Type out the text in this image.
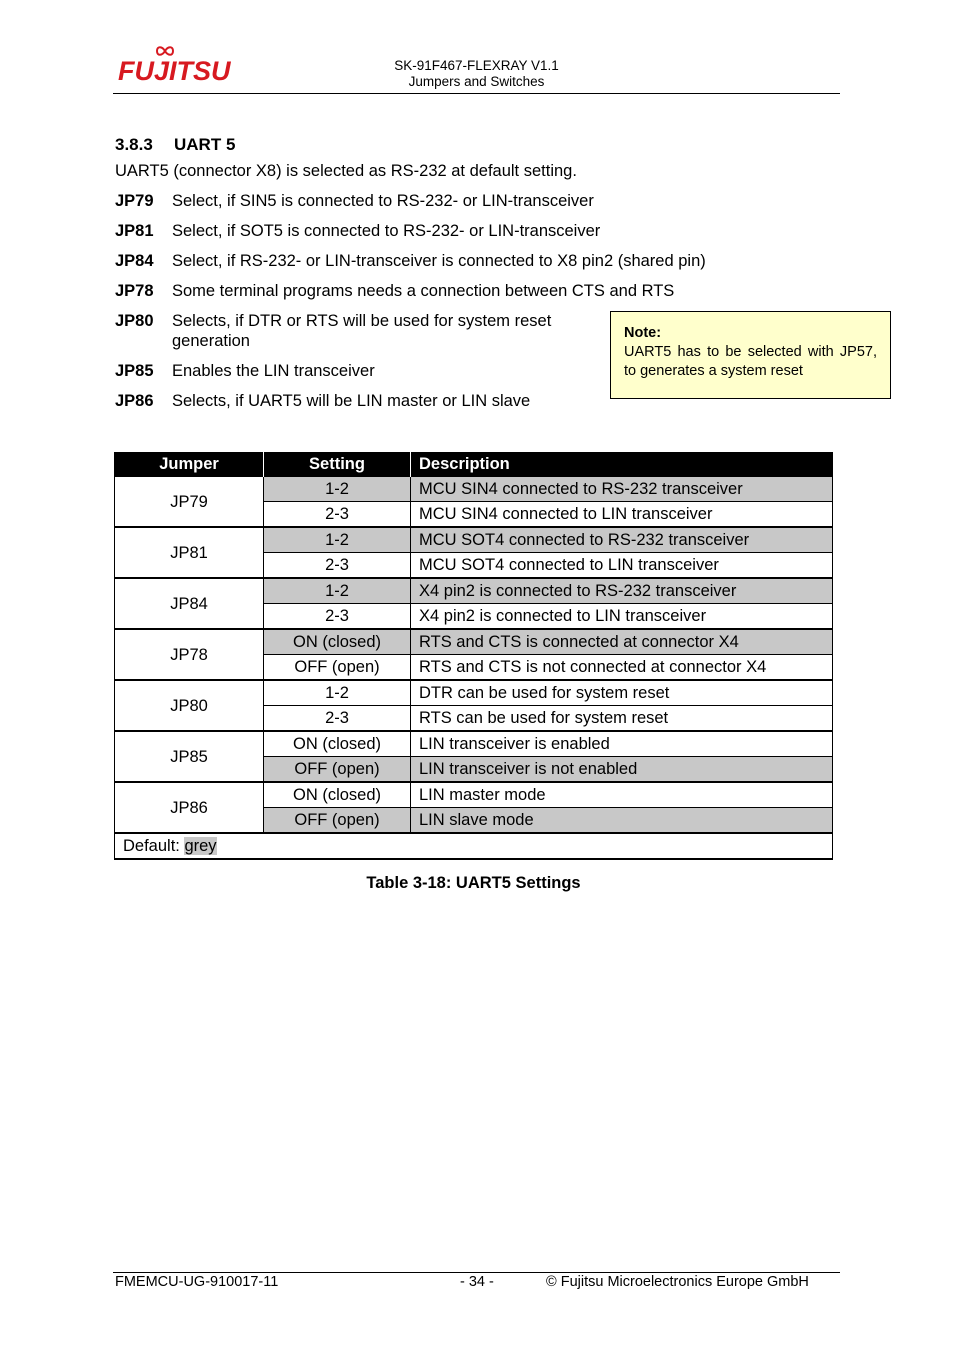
FUJITSU	SK-91F467-FLEXRAY V1.1
Jumpers and Switches
3.8.3 UART 5
UART5 (connector X8) is selected as RS-232 at default setting.
JP79 Select, if SIN5 is connected to RS-232- or LIN-transceiver
JP81 Select, if SOT5 is connected to RS-232- or LIN-transceiver
JP84 Select, if RS-232- or LIN-transceiver is connected to X8 pin2 (shared pin)
JP78 Some terminal programs needs a connection between CTS and RTS
JP80 Selects, if DTR or RTS will be used for system reset generation
JP85 Enables the LIN transceiver
JP86 Selects, if UART5 will be LIN master or LIN slave
Note:
UART5 has to be selected with JP57, to generates a system reset
Jumper	Setting	Description
JP79	1-2	MCU SIN4 connected to RS-232 transceiver
	2-3	MCU SIN4 connected to LIN transceiver
JP81	1-2	MCU SOT4 connected to RS-232 transceiver
	2-3	MCU SOT4 connected to LIN transceiver
JP84	1-2	X4 pin2 is connected to RS-232 transceiver
	2-3	X4 pin2 is connected to LIN transceiver
JP78	ON (closed)	RTS and CTS is connected at connector X4
	OFF (open)	RTS and CTS is not connected at connector X4
JP80	1-2	DTR can be used for system reset
	2-3	RTS can be used for system reset
JP85	ON (closed)	LIN transceiver is enabled
	OFF (open)	LIN transceiver is not enabled
JP86	ON (closed)	LIN master mode
	OFF (open)	LIN slave mode
Default: grey		
Table 3-18: UART5 Settings
FMEMCU-UG-910017-11	- 34 -	© Fujitsu Microelectronics Europe GmbH
